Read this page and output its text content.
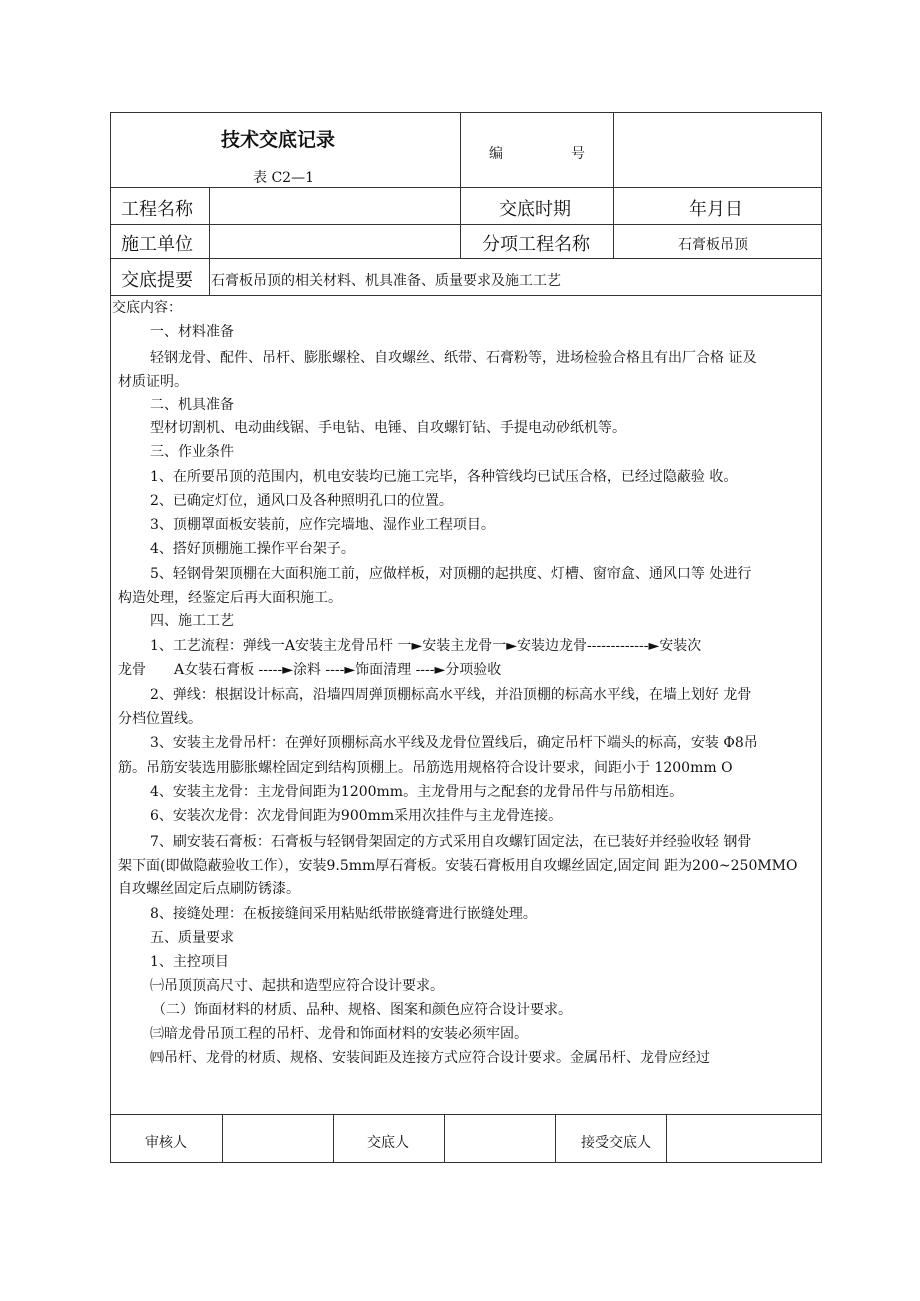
技术交底记录
表 C2—1
编	号
工程名称	交底时期	年月日
施工单位	分项工程名称	石膏板吊顶
交底提要 石膏板吊顶的相关材料、机具准备、质量要求及施工工艺
交底内容：
一、材料准备
轻钢龙骨、配件、吊杆、膨胀螺栓、自攻螺丝、纸带、石膏粉等，进场检验合格且有出厂合格 证及
材质证明。
二、机具准备
型材切割机、电动曲线锯、手电钻、电锤、自攻螺钉钻、手提电动砂纸机等。
三、作业条件
1、在所要吊顶的范围内，机电安装均已施工完毕，各种管线均已试压合格，已经过隐蔽验 收。
2、已确定灯位，通风口及各种照明孔口的位置。
3、顶棚罩面板安装前，应作完墙地、湿作业工程项目。
4、搭好顶棚施工操作平台架子。
5、轻钢骨架顶棚在大面积施工前，应做样板，对顶棚的起拱度、灯槽、窗帘盒、通风口等 处进行
构造处理，经鉴定后再大面积施工。
四、施工工艺
1、工艺流程：弹线一A安装主龙骨吊杆 一►安装主龙骨一►安装边龙骨-------------►安装次
龙骨　　A女装石膏板 -----►涂料 ----►饰面清理 ----►分项验收
2、弹线：根据设计标高，沿墙四周弹顶棚标高水平线，并沿顶棚的标高水平线，在墙上划好 龙骨
分档位置线。
3、安装主龙骨吊杆：在弹好顶棚标高水平线及龙骨位置线后，确定吊杆下端头的标高，安装 Φ8吊
筋。吊筋安装选用膨胀螺栓固定到结构顶棚上。吊筋选用规格符合设计要求，间距小于 1200mm O
4、安装主龙骨：主龙骨间距为1200mm。主龙骨用与之配套的龙骨吊件与吊筋相连。
6、安装次龙骨：次龙骨间距为900mm采用次挂件与主龙骨连接。
7、刷安装石膏板：石膏板与轻钢骨架固定的方式采用自攻螺钉固定法，在已装好并经验收轻 钢骨
架下面(即做隐蔽验收工作），安装9.5mm厚石膏板。安装石膏板用自攻螺丝固定,固定间 距为200~250MMO
自攻螺丝固定后点刷防锈漆。
8、接缝处理：在板接缝间采用粘贴纸带嵌缝膏进行嵌缝处理。
五、质量要求
1、主控项目
㈠吊顶顶高尺寸、起拱和造型应符合设计要求。
（二）饰面材料的材质、品种、规格、图案和颜色应符合设计要求。
㈢暗龙骨吊顶工程的吊杆、龙骨和饰面材料的安装必须牢固。
㈣吊杆、龙骨的材质、规格、安装间距及连接方式应符合设计要求。金属吊杆、龙骨应经过
审核人	交底人	接受交底人
